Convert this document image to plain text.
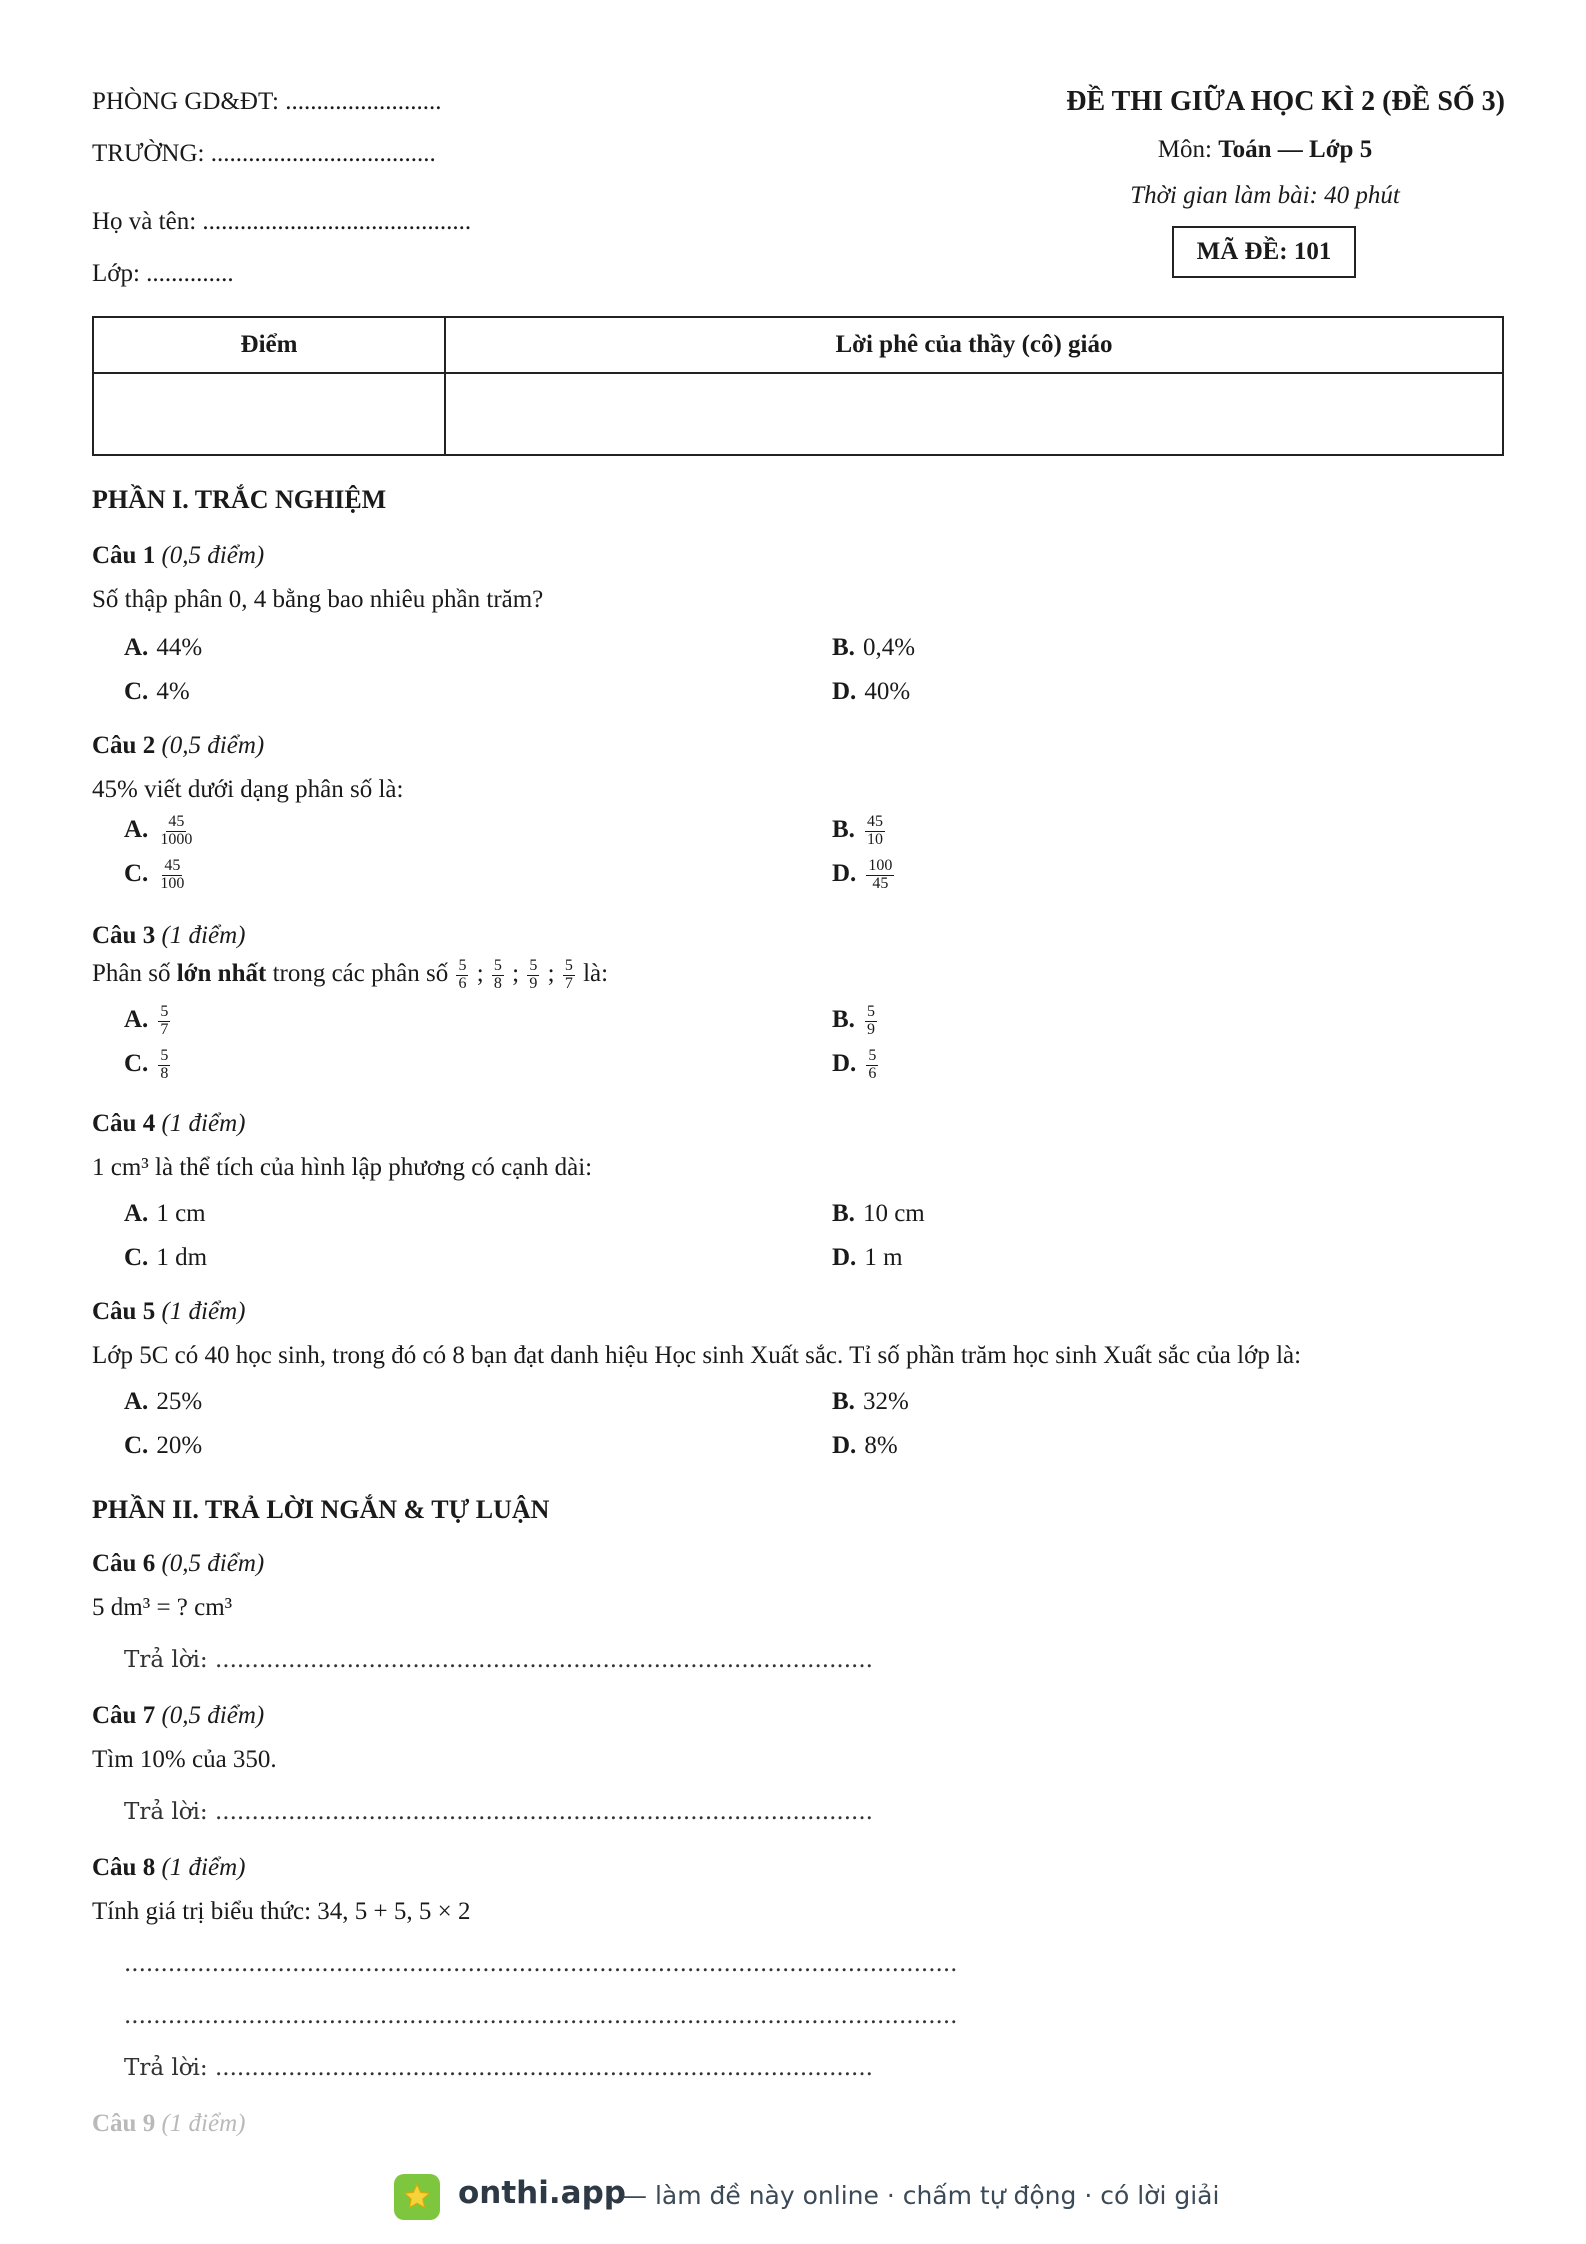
PHÒNG GD&ĐT: .........................
TRƯỜNG: ....................................
Họ và tên: ...........................................
Lớp: ..............
ĐỀ THI GIỮA HỌC KÌ 2 (ĐỀ SỐ 3)
Môn: Toán — Lớp 5
Thời gian làm bài: 40 phút
MÃ ĐỀ: 101
Điểm	Lời phê của thầy (cô) giáo

PHẦN I. TRẮC NGHIỆM
Câu 1 (0,5 điểm)
Số thập phân 0, 4 bằng bao nhiêu phần trăm?
A. 44%	B. 0,4%
C. 4%	D. 40%
Câu 2 (0,5 điểm)
45% viết dưới dạng phân số là:
A. $\frac{45}{1000}$	B. $\frac{45}{10}$
C. $\frac{45}{100}$	D. $\frac{100}{45}$
Câu 3 (1 điểm)
Phân số lớn nhất trong các phân số $\frac{5}{6}$ ; $\frac{5}{8}$ ; $\frac{5}{9}$ ; $\frac{5}{7}$ là:
A. $\frac{5}{7}$	B. $\frac{5}{9}$
C. $\frac{5}{8}$	D. $\frac{5}{6}$
Câu 4 (1 điểm)
1 cm³ là thể tích của hình lập phương có cạnh dài:
A. 1 cm	B. 10 cm
C. 1 dm	D. 1 m
Câu 5 (1 điểm)
Lớp 5C có 40 học sinh, trong đó có 8 bạn đạt danh hiệu Học sinh Xuất sắc. Tỉ số phần trăm học sinh Xuất sắc của lớp là:
A. 25%	B. 32%
C. 20%	D. 8%
PHẦN II. TRẢ LỜI NGẮN & TỰ LUẬN
Câu 6 (0,5 điểm)
5 dm³ = ? cm³
Trả lời: ..........................................................................................
Câu 7 (0,5 điểm)
Tìm 10% của 350.
Trả lời: ..........................................................................................
Câu 8 (1 điểm)
Tính giá trị biểu thức: 34, 5 + 5, 5 × 2
..................................................................................................................
..................................................................................................................
Trả lời: ..........................................................................................
Câu 9 (1 điểm)
onthi.app
— làm đề này online · chấm tự động · có lời giải
